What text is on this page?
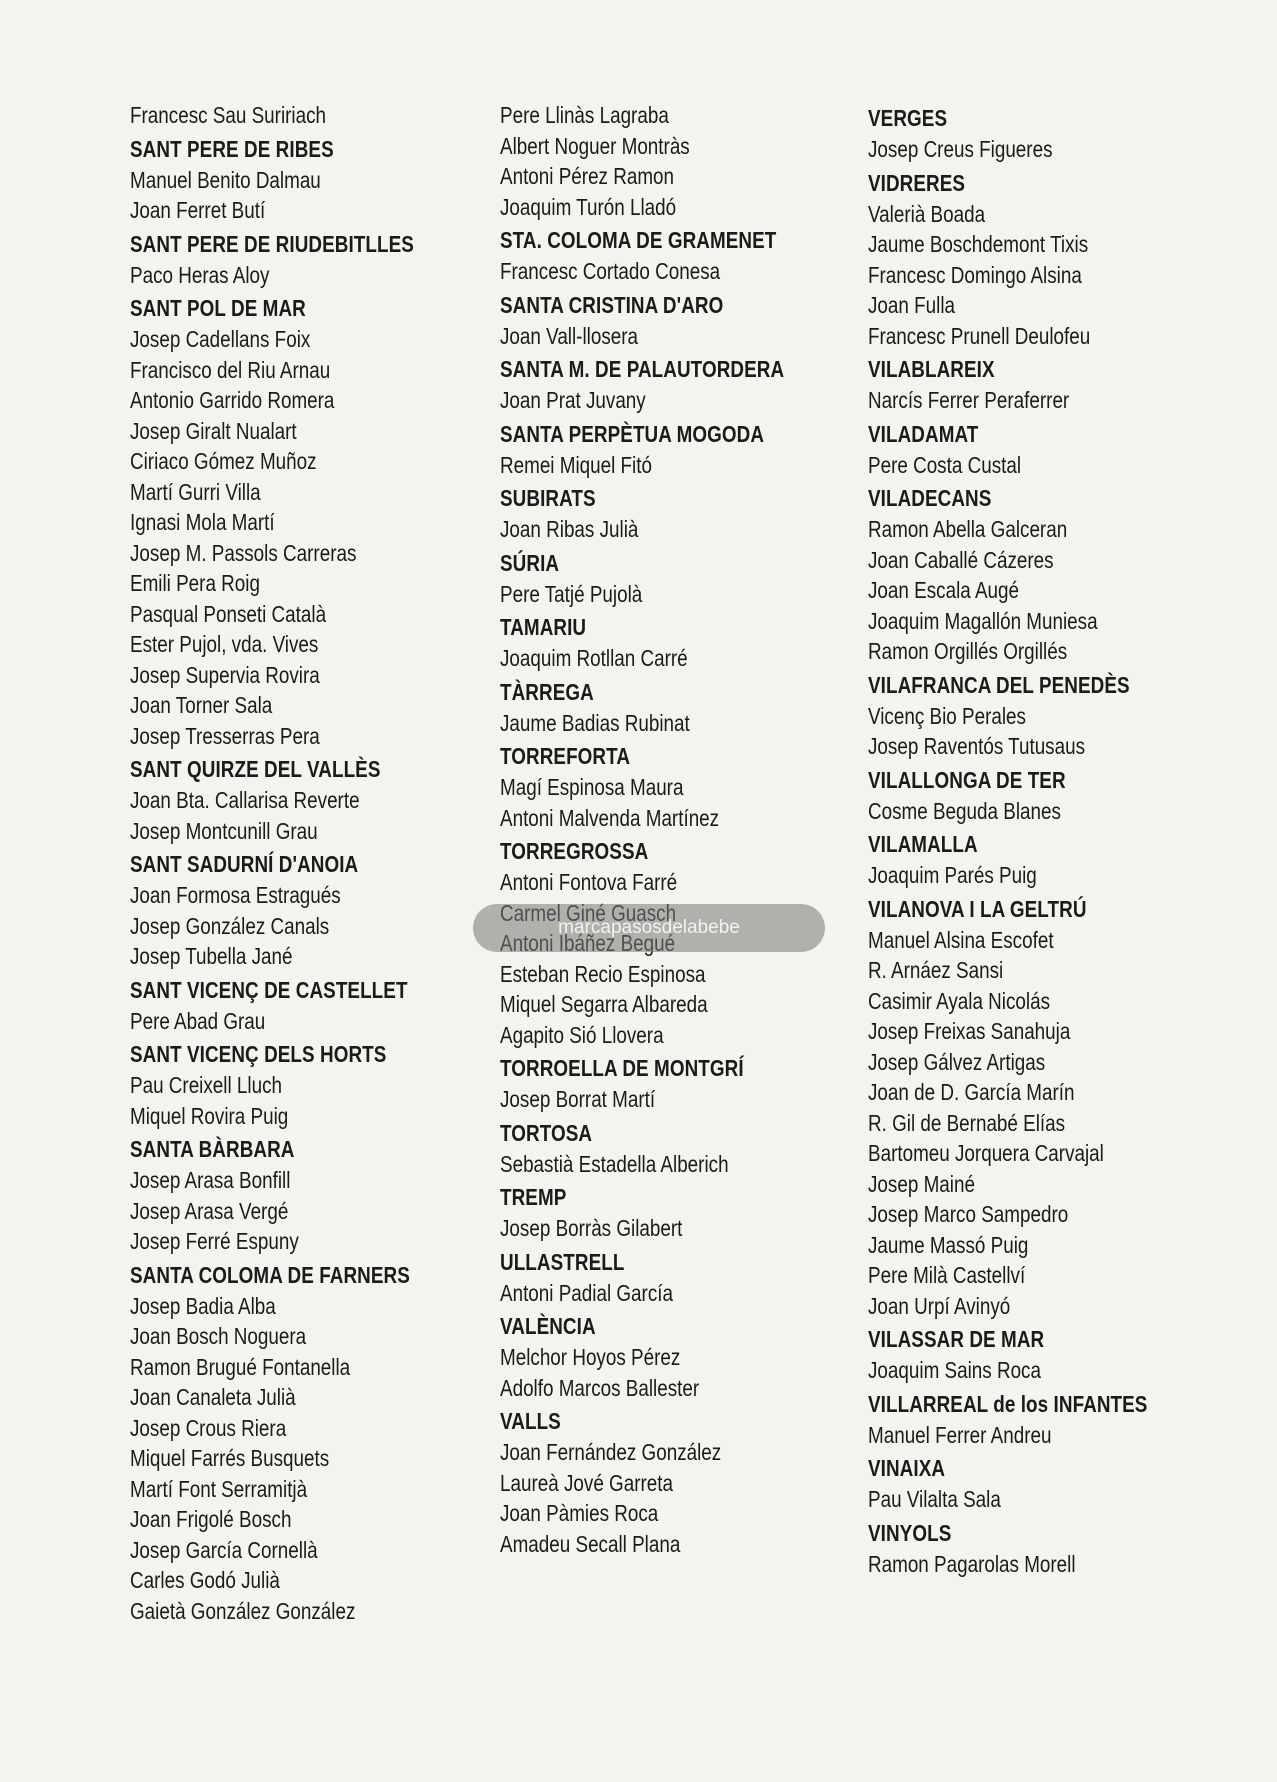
Francesc Sau Suririach
SANT PERE DE RIBES
Manuel Benito Dalmau
Joan Ferret Butí
SANT PERE DE RIUDEBITLLES
Paco Heras Aloy
SANT POL DE MAR
Josep Cadellans Foix
Francisco del Riu Arnau
Antonio Garrido Romera
Josep Giralt Nualart
Ciriaco Gómez Muñoz
Martí Gurri Villa
Ignasi Mola Martí
Josep M. Passols Carreras
Emili Pera Roig
Pasqual Ponseti Català
Ester Pujol, vda. Vives
Josep Supervia Rovira
Joan Torner Sala
Josep Tresserras Pera
SANT QUIRZE DEL VALLÈS
Joan Bta. Callarisa Reverte
Josep Montcunill Grau
SANT SADURNÍ D'ANOIA
Joan Formosa Estragués
Josep González Canals
Josep Tubella Jané
SANT VICENÇ DE CASTELLET
Pere Abad Grau
SANT VICENÇ DELS HORTS
Pau Creixell Lluch
Miquel Rovira Puig
SANTA BÀRBARA
Josep Arasa Bonfill
Josep Arasa Vergé
Josep Ferré Espuny
SANTA COLOMA DE FARNERS
Josep Badia Alba
Joan Bosch Noguera
Ramon Brugué Fontanella
Joan Canaleta Julià
Josep Crous Riera
Miquel Farrés Busquets
Martí Font Serramitjà
Joan Frigolé Bosch
Josep García Cornellà
Carles Godó Julià
Gaietà González González
Pere Llinàs Lagraba
Albert Noguer Montràs
Antoni Pérez Ramon
Joaquim Turón Lladó
STA. COLOMA DE GRAMENET
Francesc Cortado Conesa
SANTA CRISTINA D'ARO
Joan Vall-llosera
SANTA M. DE PALAUTORDERA
Joan Prat Juvany
SANTA PERPÈTUA MOGODA
Remei Miquel Fitó
SUBIRATS
Joan Ribas Julià
SÚRIA
Pere Tatjé Pujolà
TAMARIU
Joaquim Rotllan Carré
TÀRREGA
Jaume Badias Rubinat
TORREFORTA
Magí Espinosa Maura
Antoni Malvenda Martínez
TORREGROSSA
Antoni Fontova Farré
Esteban Recio Espinosa
Miquel Segarra Albareda
Agapito Sió Llovera
TORROELLA DE MONTGRÍ
Josep Borrat Martí
TORTOSA
Sebastià Estadella Alberich
TREMP
Josep Borràs Gilabert
ULLASTRELL
Antoni Padial García
VALÈNCIA
Melchor Hoyos Pérez
Adolfo Marcos Ballester
VALLS
Joan Fernández González
Laureà Jové Garreta
Joan Pàmies Roca
Amadeu Secall Plana
VERGES
Josep Creus Figueres
VIDRERES
Valerià Boada
Jaume Boschdemont Tixis
Francesc Domingo Alsina
Joan Fulla
Francesc Prunell Deulofeu
VILABLAREIX
Narcís Ferrer Peraferrer
VILADAMAT
Pere Costa Custal
VILADECANS
Ramon Abella Galceran
Joan Caballé Cázeres
Joan Escala Augé
Joaquim Magallón Muniesa
Ramon Orgillés Orgillés
VILAFRANCA DEL PENEDÈS
Vicenç Bio Perales
Josep Raventós Tutusaus
VILALLONGA DE TER
Cosme Beguda Blanes
VILAMALLA
Joaquim Parés Puig
VILANOVA I LA GELTRÚ
Manuel Alsina Escofet
R. Arnáez Sansi
Casimir Ayala Nicolás
Josep Freixas Sanahuja
Josep Gálvez Artigas
Joan de D. García Marín
R. Gil de Bernabé Elías
Bartomeu Jorquera Carvajal
Josep Mainé
Josep Marco Sampedro
Jaume Massó Puig
Pere Milà Castellví
Joan Urpí Avinyó
VILASSAR DE MAR
Joaquim Sains Roca
VILLARREAL de los INFANTES
Manuel Ferrer Andreu
VINAIXA
Pau Vilalta Sala
VINYOLS
Ramon Pagarolas Morell
marcapasosdelabebe
